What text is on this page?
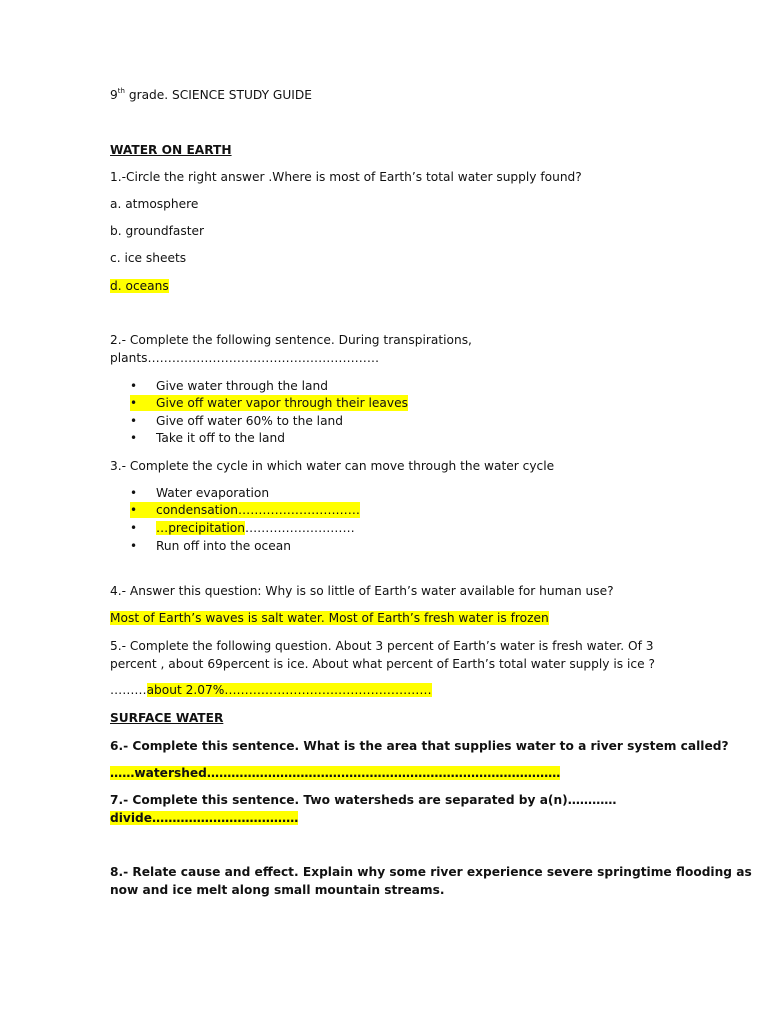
9th grade. SCIENCE STUDY GUIDE
WATER ON EARTH
1.-Circle the right answer .Where is most of Earth’s total water supply found?
a. atmosphere
b. groundfaster
c. ice sheets
d. oceans
2.- Complete the following sentence. During transpirations,
plants…………………………………………………
•	Give water through the land
•	Give off water vapor through their leaves
•	Give off water 60% to the land
•	Take it off to the land
3.- Complete the cycle in which water can move through the water cycle
•	Water evaporation
•	condensation…………………………
•	…precipitation………………………
•	Run off into the ocean
4.- Answer this question: Why is so little of Earth’s water available for human use?
Most of Earth’s waves is salt water. Most of Earth’s fresh water is frozen
5.- Complete the following question. About 3 percent of Earth’s water is fresh water. Of 3
percent , about 69percent is ice. About what percent of Earth’s total water supply is ice ?
………about 2.07%……………………………………………
SURFACE WATER
6.- Complete this sentence. What is the area that supplies water to a river system called?
……watershed……………………………………………………………………………
7.- Complete this sentence. Two watersheds are separated by a(n)…………
divide………………………………
8.- Relate cause and effect. Explain why some river experience severe springtime flooding as
now and ice melt along small mountain streams.
